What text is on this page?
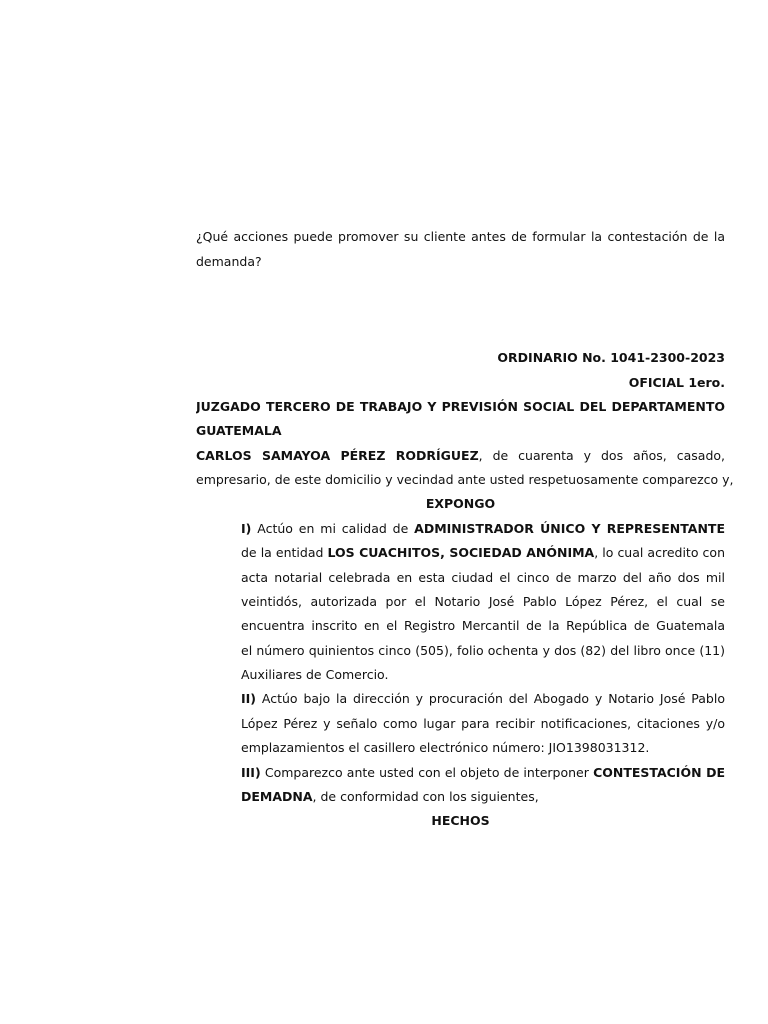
¿Qué acciones puede promover su cliente antes de formular la contestación de la
demanda?
ORDINARIO No. 1041-2300-2023
OFICIAL 1ero.
JUZGADO TERCERO DE TRABAJO Y PREVISIÓN SOCIAL DEL DEPARTAMENTO
GUATEMALA
CARLOS SAMAYOA PÉREZ RODRÍGUEZ, de cuarenta y dos años, casado,
empresario, de este domicilio y vecindad ante usted respetuosamente comparezco y,
EXPONGO
I) Actúo en mi calidad de ADMINISTRADOR ÚNICO Y REPRESENTANTE
de la entidad LOS CUACHITOS, SOCIEDAD ANÓNIMA, lo cual acredito con
acta notarial celebrada en esta ciudad el cinco de marzo del año dos mil
veintidós, autorizada por el Notario José Pablo López Pérez, el cual se
encuentra inscrito en el Registro Mercantil de la República de Guatemala
el número quinientos cinco (505), folio ochenta y dos (82) del libro once (11)
Auxiliares de Comercio.
II) Actúo bajo la dirección y procuración del Abogado y Notario José Pablo
López Pérez y señalo como lugar para recibir notificaciones, citaciones y/o
emplazamientos el casillero electrónico número: JIO1398031312.
III) Comparezco ante usted con el objeto de interponer CONTESTACIÓN DE
DEMADNA, de conformidad con los siguientes,
HECHOS
